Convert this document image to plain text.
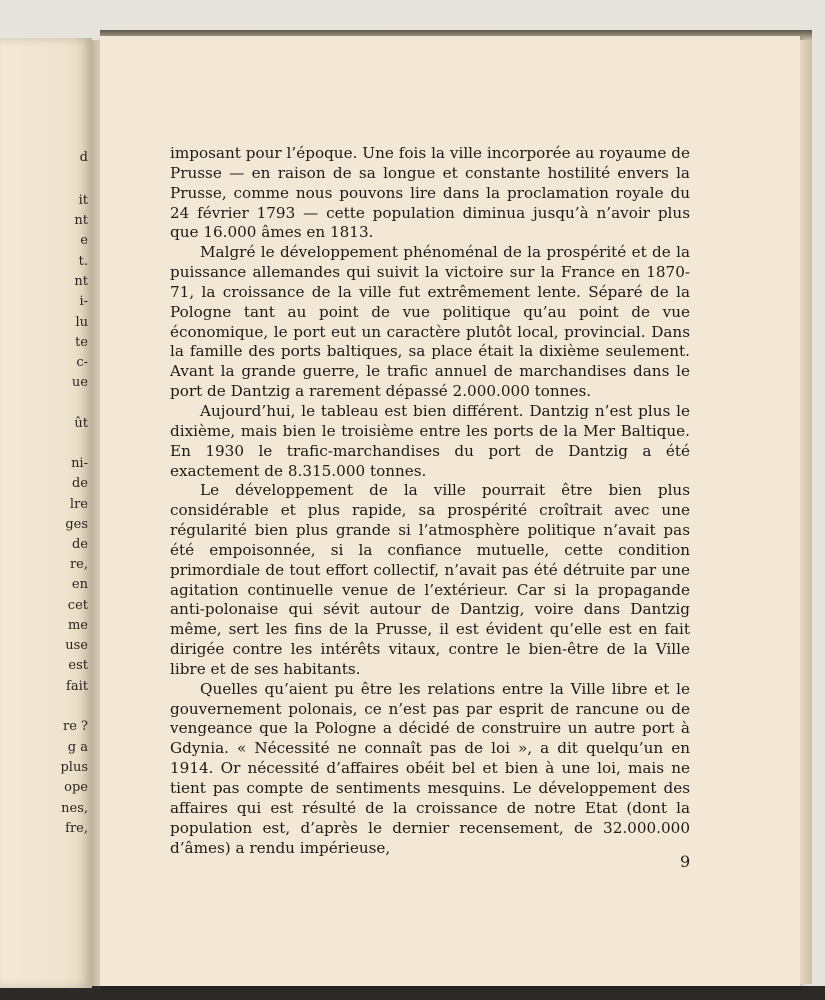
d
it
nt
e
t.
nt
i-
lu
te
c-
ue
ût
ni-
de
lre
ges
de
re,
en
cet
me
use
est
fait
re ?
g a
plus
ope
nes,
fre,

imposant pour l’époque. Une fois la ville incorporée au royaume de Prusse — en raison de sa longue et constante hostilité envers la Prusse, comme nous pouvons lire dans la proclamation royale du 24 février 1793 — cette population diminua jusqu’à n’avoir plus que 16.000 âmes en 1813.

Malgré le développement phénoménal de la prospérité et de la puissance allemandes qui suivit la victoire sur la France en 1870-71, la croissance de la ville fut extrêmement lente. Séparé de la Pologne tant au point de vue politique qu’au point de vue économique, le port eut un caractère plutôt local, provincial. Dans la famille des ports baltiques, sa place était la dixième seulement. Avant la grande guerre, le trafic annuel de marchandises dans le port de Dantzig a rarement dépassé 2.000.000 tonnes.

Aujourd’hui, le tableau est bien différent. Dantzig n’est plus le dixième, mais bien le troisième entre les ports de la Mer Baltique. En 1930 le trafic-marchandises du port de Dantzig a été exactement de 8.315.000 tonnes.

Le développement de la ville pourrait être bien plus considérable et plus rapide, sa prospérité croîtrait avec une régularité bien plus grande si l’atmosphère politique n’avait pas été empoisonnée, si la confiance mutuelle, cette condition primordiale de tout effort collectif, n’avait pas été détruite par une agitation continuelle venue de l’extérieur. Car si la propagande anti-polonaise qui sévit autour de Dantzig, voire dans Dantzig même, sert les fins de la Prusse, il est évident qu’elle est en fait dirigée contre les intérêts vitaux, contre le bien-être de la Ville libre et de ses habitants.

Quelles qu’aient pu être les relations entre la Ville libre et le gouvernement polonais, ce n’est pas par esprit de rancune ou de vengeance que la Pologne a décidé de construire un autre port à Gdynia. « Nécessité ne connaît pas de loi », a dit quelqu’un en 1914. Or nécessité d’affaires obéit bel et bien à une loi, mais ne tient pas compte de sentiments mesquins. Le développement des affaires qui est résulté de la croissance de notre Etat (dont la population est, d’après le dernier recensement, de 32.000.000 d’âmes) a rendu impérieuse,

9
